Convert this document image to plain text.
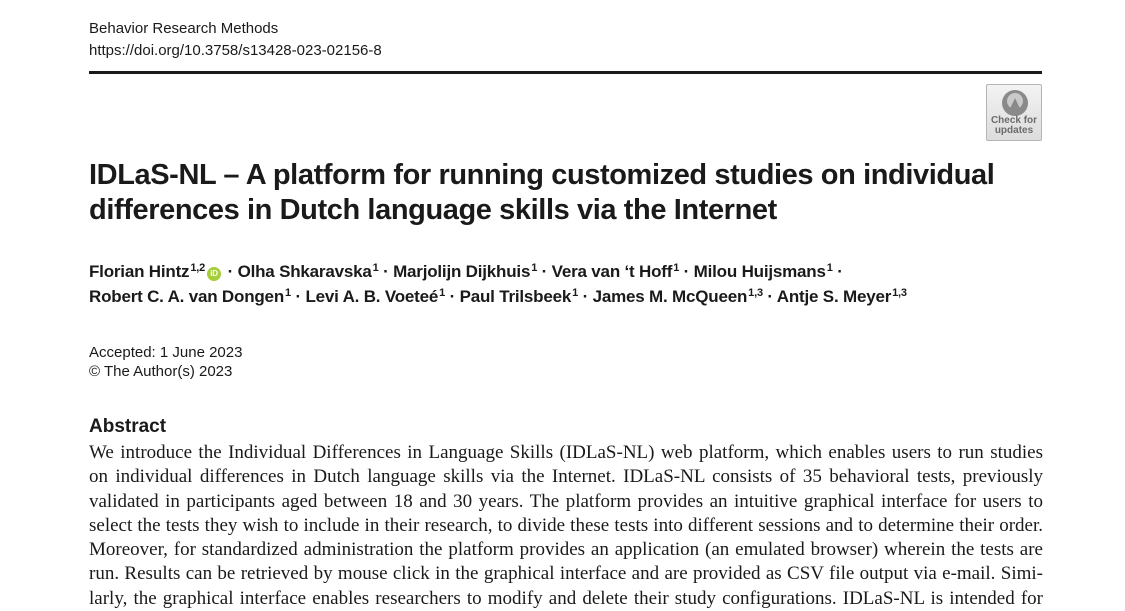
Behavior Research Methods
https://doi.org/10.3758/s13428-023-02156-8
Check for
updates
IDLaS-NL – A platform for running customized studies on individual
differences in Dutch language skills via the Internet
Florian Hintz$^{1,2}$ iD · Olha Shkaravska$^1$ · Marjolijn Dijkhuis$^1$ · Vera van ‘t Hoff$^1$ · Milou Huijsmans$^1$ ·
Robert C. A. van Dongen$^1$ · Levi A. B. Voeteé$^1$ · Paul Trilsbeek$^1$ · James M. McQueen$^{1,3}$ · Antje S. Meyer$^{1,3}$
Accepted: 1 June 2023
© The Author(s) 2023
Abstract
We introduce the Individual Differences in Language Skills (IDLaS-NL) web platform, which enables users to run studies
on individual differences in Dutch language skills via the Internet. IDLaS-NL consists of 35 behavioral tests, previously
validated in participants aged between 18 and 30 years. The platform provides an intuitive graphical interface for users to
select the tests they wish to include in their research, to divide these tests into different sessions and to determine their order.
Moreover, for standardized administration the platform provides an application (an emulated browser) wherein the tests are
run. Results can be retrieved by mouse click in the graphical interface and are provided as CSV file output via e-mail. Simi-
larly, the graphical interface enables researchers to modify and delete their study configurations. IDLaS-NL is intended for
